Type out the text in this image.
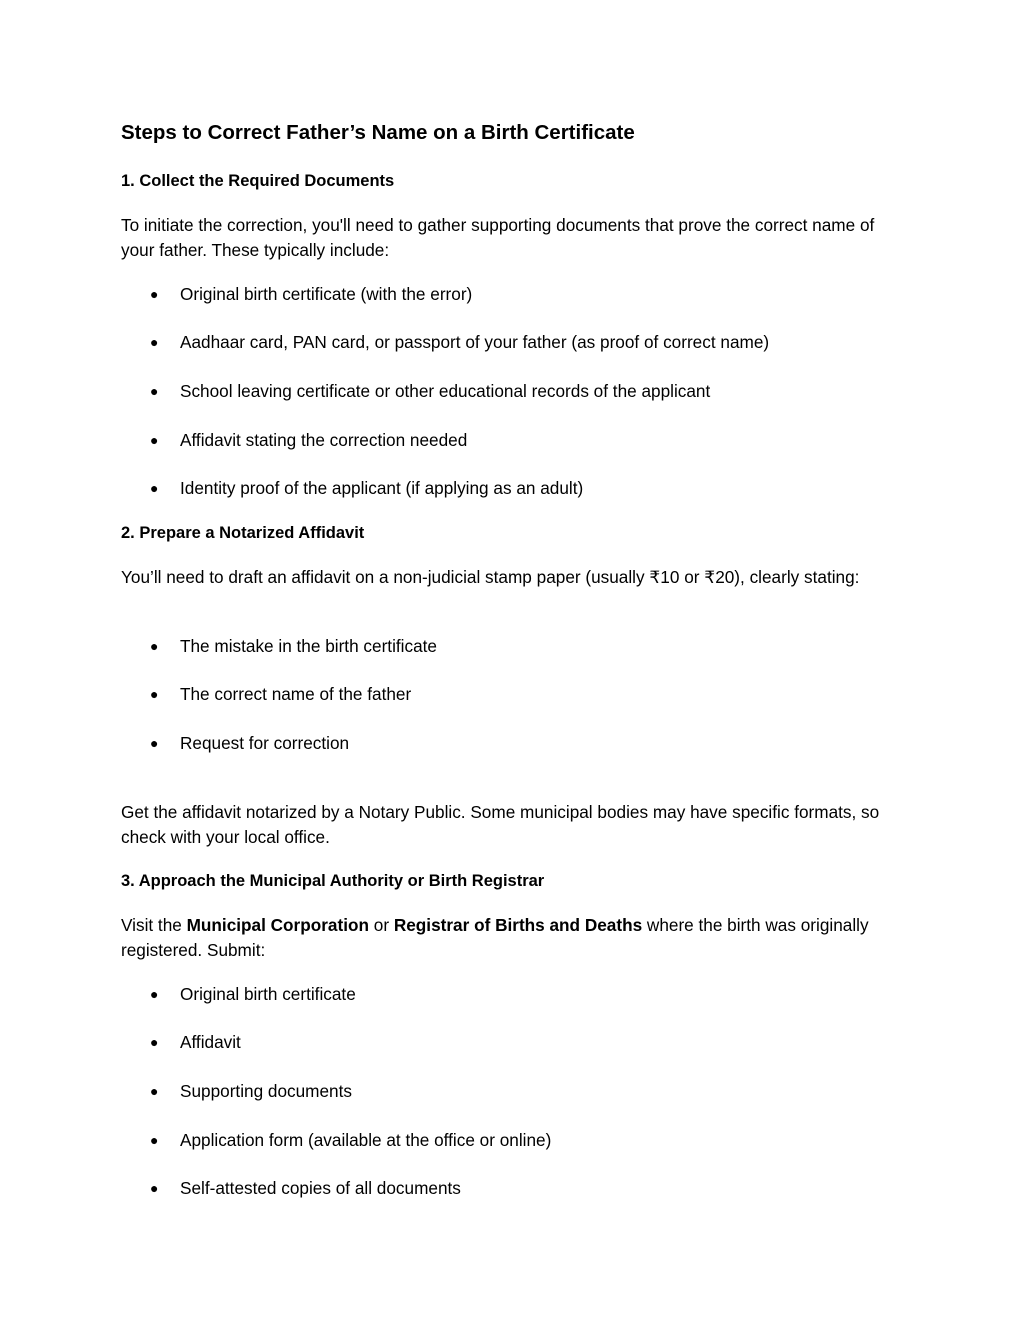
Steps to Correct Father’s Name on a Birth Certificate
1. Collect the Required Documents

To initiate the correction, you'll need to gather supporting documents that prove the correct name of your father. These typically include:

● Original birth certificate (with the error)
● Aadhaar card, PAN card, or passport of your father (as proof of correct name)
● School leaving certificate or other educational records of the applicant
● Affidavit stating the correction needed
● Identity proof of the applicant (if applying as an adult)
2. Prepare a Notarized Affidavit

You’ll need to draft an affidavit on a non-judicial stamp paper (usually ₹10 or ₹20), clearly stating:

● The mistake in the birth certificate
● The correct name of the father
● Request for correction

Get the affidavit notarized by a Notary Public. Some municipal bodies may have specific formats, so check with your local office.

3. Approach the Municipal Authority or Birth Registrar

Visit the Municipal Corporation or Registrar of Births and Deaths where the birth was originally registered. Submit:

● Original birth certificate
● Affidavit
● Supporting documents
● Application form (available at the office or online)
● Self-attested copies of all documents
